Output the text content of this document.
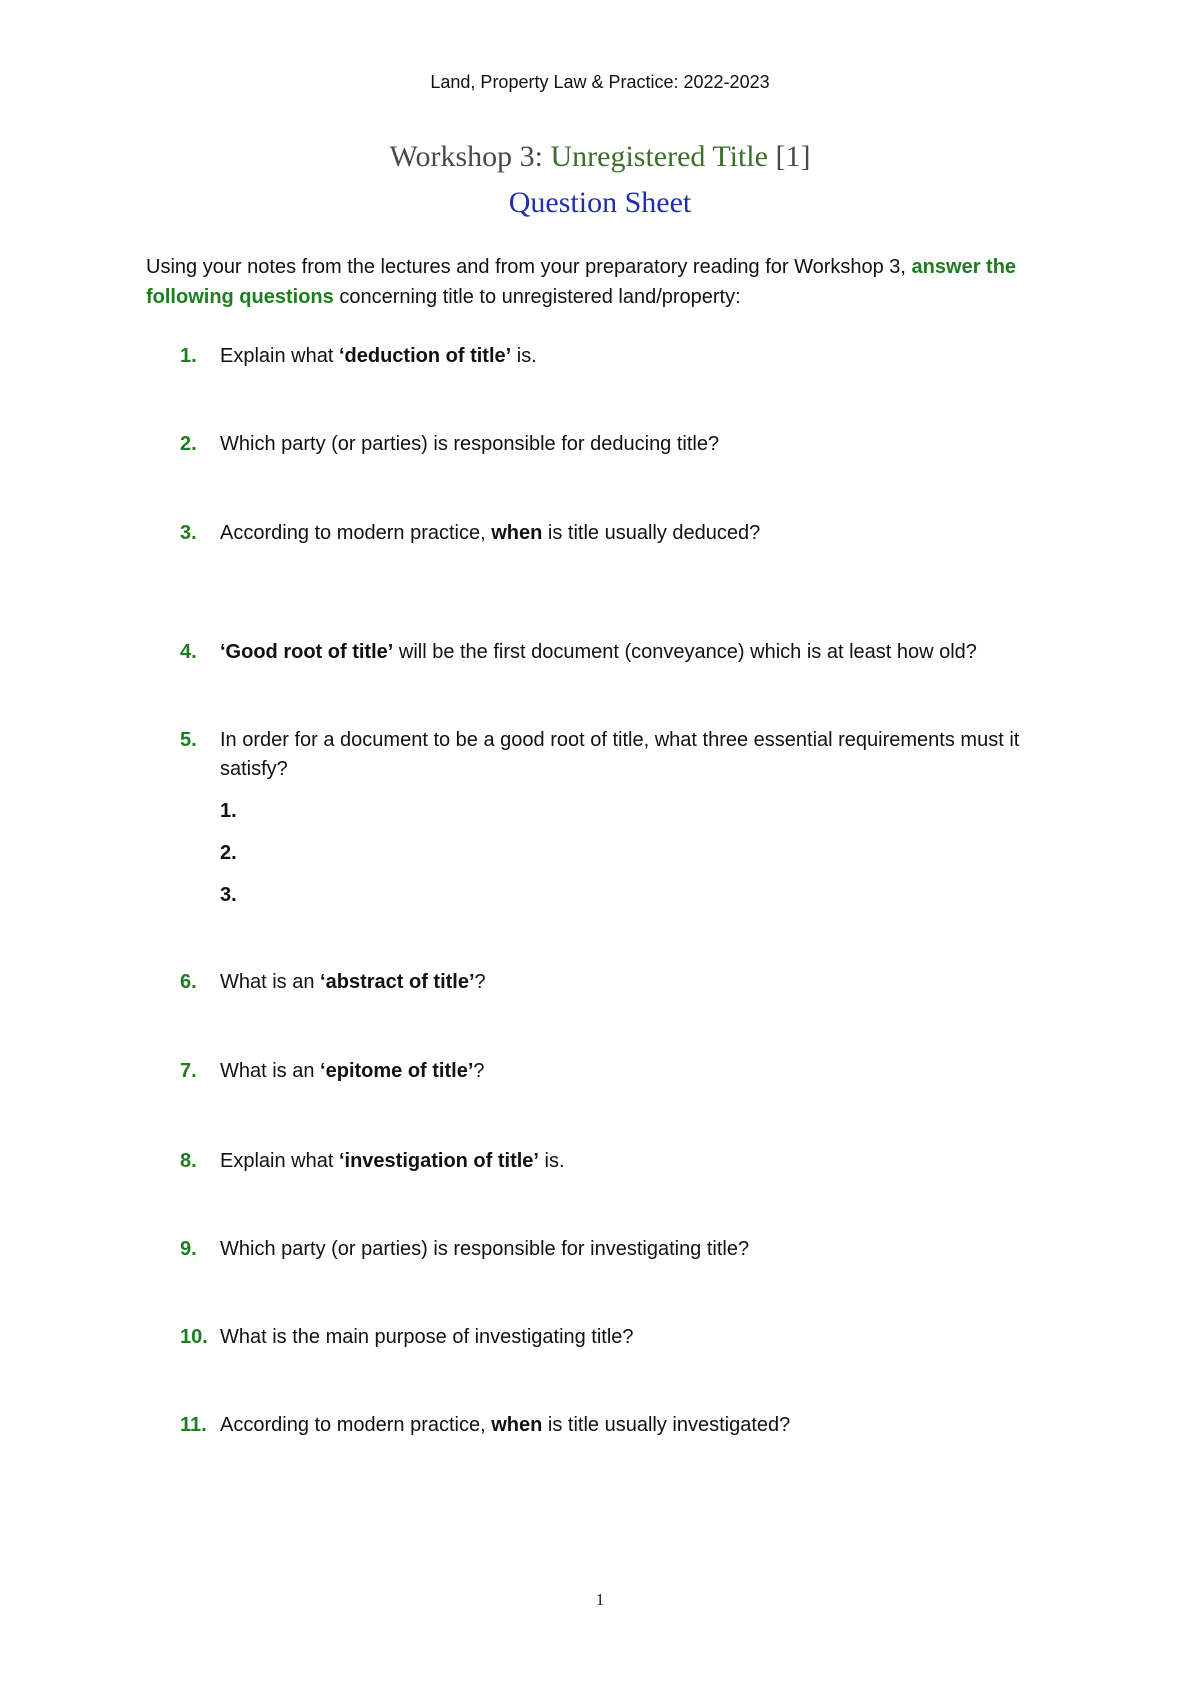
Land, Property Law & Practice: 2022-2023
Workshop 3: Unregistered Title [1]
Question Sheet
Using your notes from the lectures and from your preparatory reading for Workshop 3, answer the following questions concerning title to unregistered land/property:
1. Explain what ‘deduction of title’ is.
2. Which party (or parties) is responsible for deducing title?
3. According to modern practice, when is title usually deduced?
4. ‘Good root of title’ will be the first document (conveyance) which is at least how old?
5. In order for a document to be a good root of title, what three essential requirements must it satisfy?
1.
2.
3.
6. What is an ‘abstract of title’?
7. What is an ‘epitome of title’?
8. Explain what ‘investigation of title’ is.
9. Which party (or parties) is responsible for investigating title?
10. What is the main purpose of investigating title?
11. According to modern practice, when is title usually investigated?
1
